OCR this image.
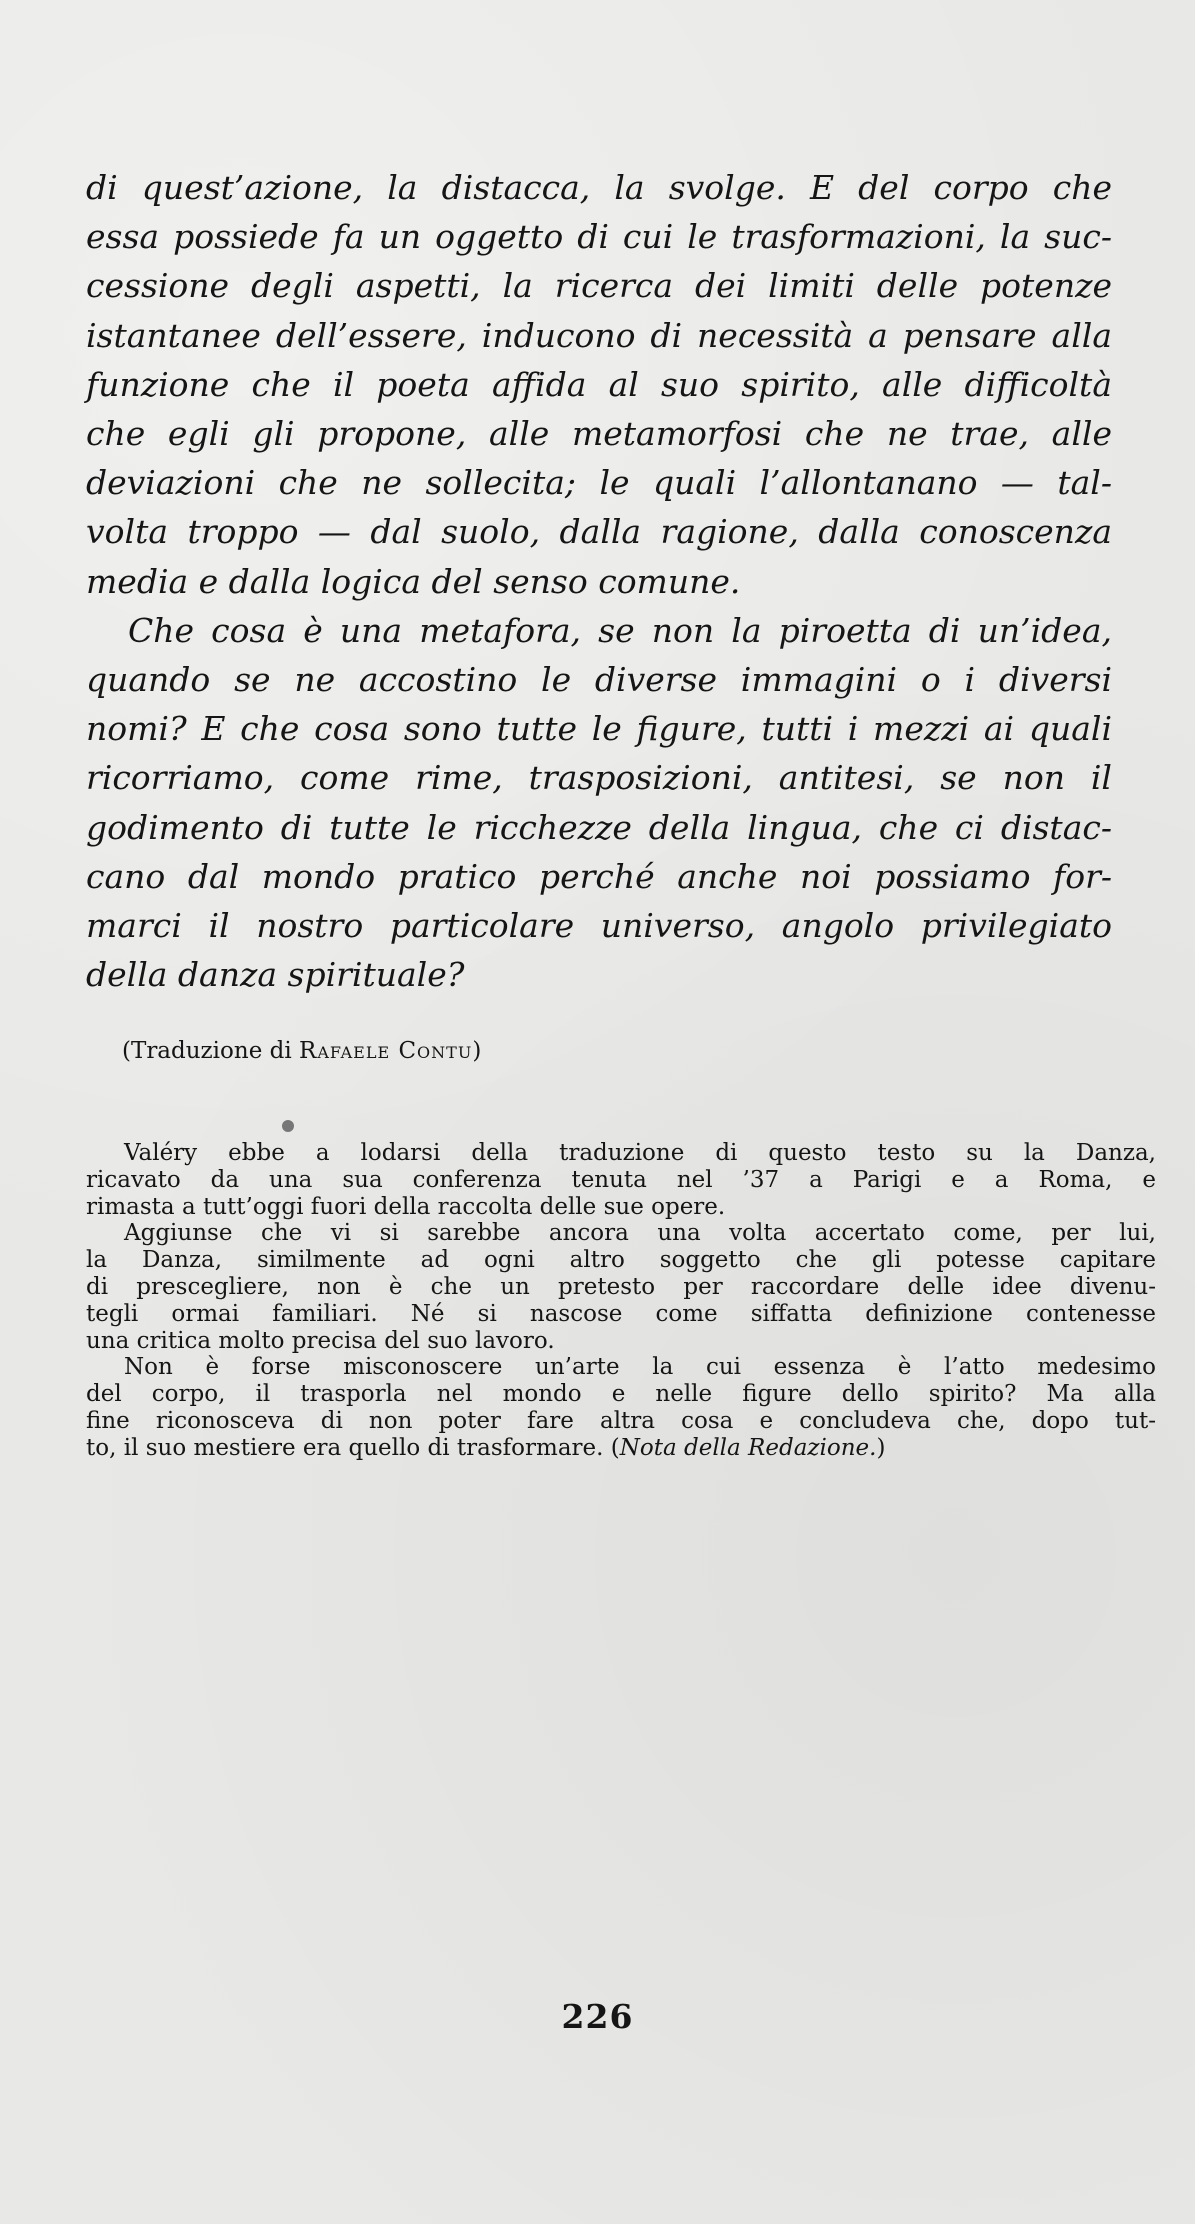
di quest’azione, la distacca, la svolge. E del corpo che
essa possiede fa un oggetto di cui le trasformazioni, la suc-
cessione degli aspetti, la ricerca dei limiti delle potenze
istantanee dell’essere, inducono di necessità a pensare alla
funzione che il poeta affida al suo spirito, alle difficoltà
che egli gli propone, alle metamorfosi che ne trae, alle
deviazioni che ne sollecita; le quali l’allontanano — tal-
volta troppo — dal suolo, dalla ragione, dalla conoscenza
media e dalla logica del senso comune.
Che cosa è una metafora, se non la piroetta di un’idea,
quando se ne accostino le diverse immagini o i diversi
nomi? E che cosa sono tutte le figure, tutti i mezzi ai quali
ricorriamo, come rime, trasposizioni, antitesi, se non il
godimento di tutte le ricchezze della lingua, che ci distac-
cano dal mondo pratico perché anche noi possiamo for-
marci il nostro particolare universo, angolo privilegiato
della danza spirituale?
(Traduzione di Rafaele Contu)
Valéry ebbe a lodarsi della traduzione di questo testo su la Danza,
ricavato da una sua conferenza tenuta nel ’37 a Parigi e a Roma, e
rimasta a tutt’oggi fuori della raccolta delle sue opere.
Aggiunse che vi si sarebbe ancora una volta accertato come, per lui,
la Danza, similmente ad ogni altro soggetto che gli potesse capitare
di prescegliere, non è che un pretesto per raccordare delle idee divenu-
tegli ormai familiari. Né si nascose come siffatta definizione contenesse
una critica molto precisa del suo lavoro.
Non è forse misconoscere un’arte la cui essenza è l’atto medesimo
del corpo, il trasporla nel mondo e nelle figure dello spirito? Ma alla
fine riconosceva di non poter fare altra cosa e concludeva che, dopo tut-
to, il suo mestiere era quello di trasformare. (Nota della Redazione.)
226
